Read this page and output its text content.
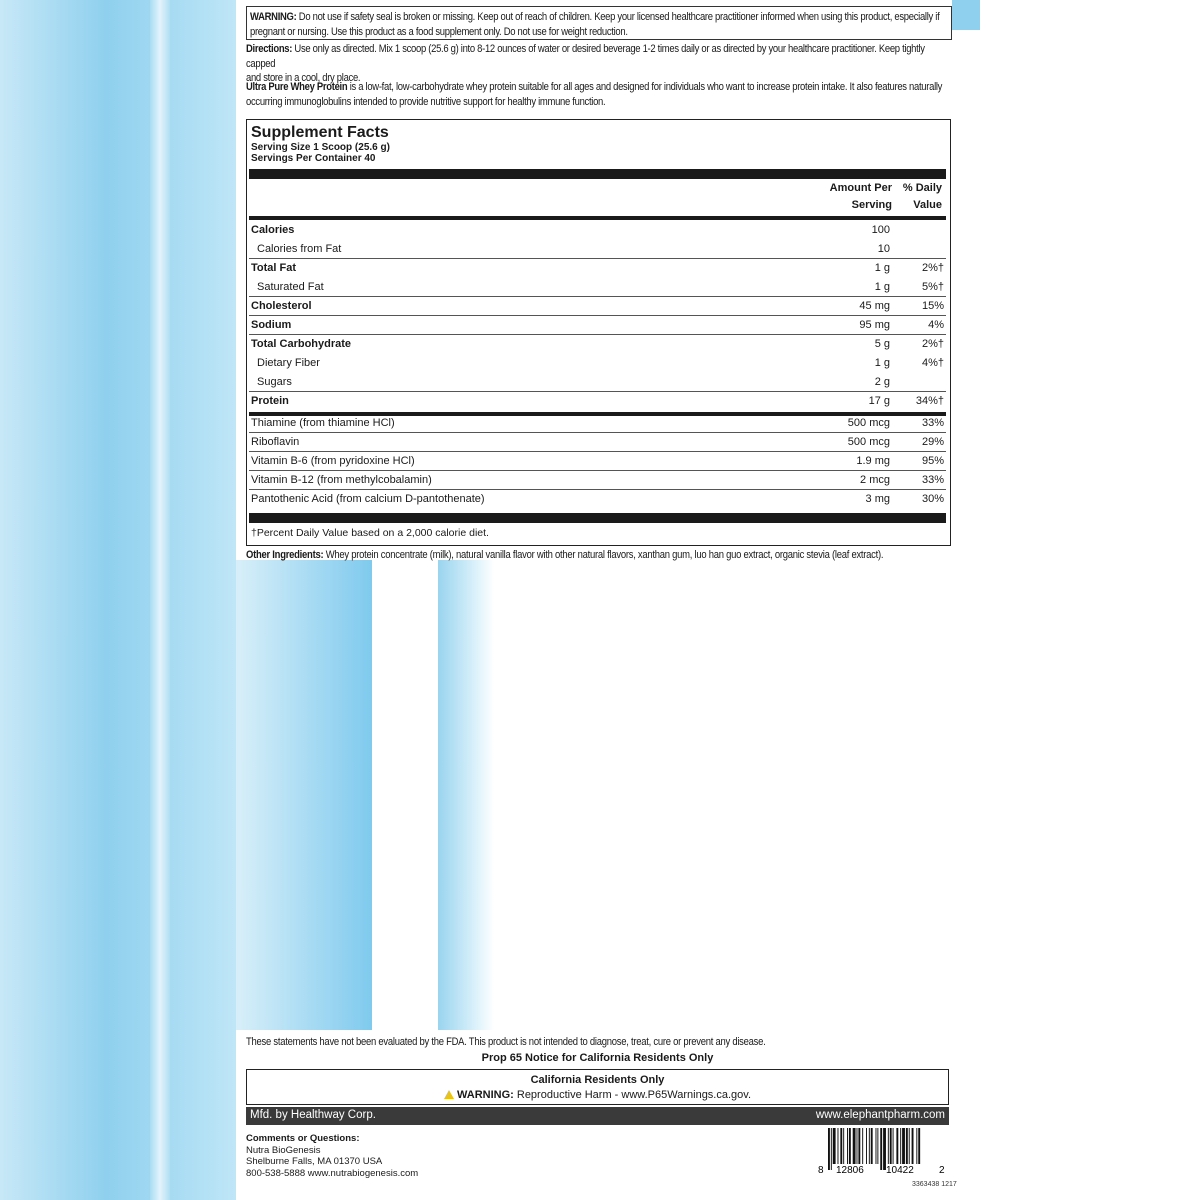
WARNING: Do not use if safety seal is broken or missing. Keep out of reach of children. Keep your licensed healthcare practitioner informed when using this product, especially if
pregnant or nursing. Use this product as a food supplement only. Do not use for weight reduction.

Directions: Use only as directed. Mix 1 scoop (25.6 g) into 8-12 ounces of water or desired beverage 1-2 times daily or as directed by your healthcare practitioner. Keep tightly capped
and store in a cool, dry place.

Ultra Pure Whey Protein is a low-fat, low-carbohydrate whey protein suitable for all ages and designed for individuals who want to increase protein intake. It also features naturally
occurring immunoglobulins intended to provide nutritive support for healthy immune function.

Supplement Facts
Serving Size 1 Scoop (25.6 g)
Servings Per Container 40
Amount Per
Serving
% Daily
Value
Calories	100
Calories from Fat	10
Total Fat	1 g	2%†
Saturated Fat	1 g	5%†
Cholesterol	45 mg	15%
Sodium	95 mg	4%
Total Carbohydrate	5 g	2%†
Dietary Fiber	1 g	4%†
Sugars	2 g
Protein	17 g 34%†
Thiamine (from thiamine HCl)	500 mcg	33%
Riboflavin	500 mcg	29%
Vitamin B-6 (from pyridoxine HCl)	1.9 mg	95%
Vitamin B-12 (from methylcobalamin)	2 mcg	33%
Pantothenic Acid (from calcium D-pantothenate)	3 mg	30%
†Percent Daily Value based on a 2,000 calorie diet.
Other Ingredients: Whey protein concentrate (milk), natural vanilla flavor with other natural flavors, xanthan gum, luo han guo extract, organic stevia (leaf extract).
These statements have not been evaluated by the FDA. This product is not intended to diagnose, treat, cure or prevent any disease.
Prop 65 Notice for California Residents Only
California Residents Only
WARNING: Reproductive Harm - www.P65Warnings.ca.gov.
Mfd. by Healthway Corp.	www.elephantpharm.com
Comments or Questions:
Nutra BioGenesis
Shelburne Falls, MA 01370 USA
800-538-5888 www.nutrabiogenesis.com	8 12806 10422	2
3363438 1217
